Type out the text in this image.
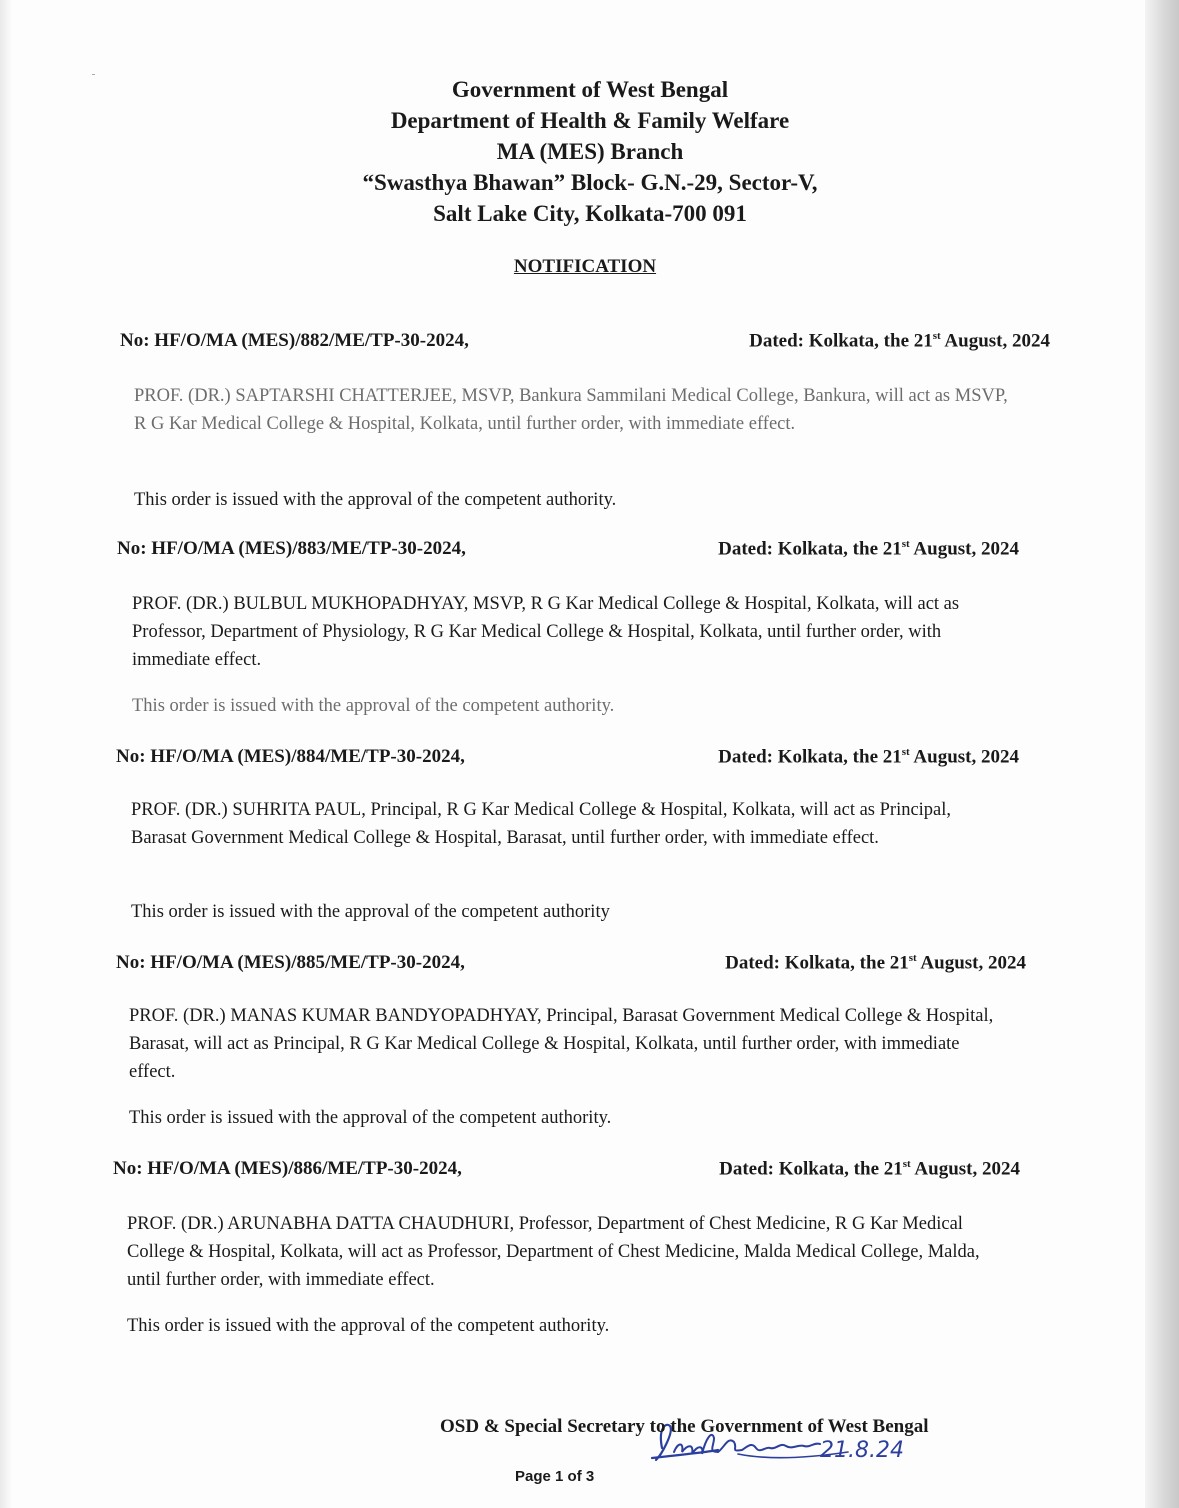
Government of West Bengal
Department of Health & Family Welfare
MA (MES) Branch
“Swasthya Bhawan” Block- G.N.-29, Sector-V,
Salt Lake City, Kolkata-700 091
NOTIFICATION
No: HF/O/MA (MES)/882/ME/TP-30-2024,	Dated: Kolkata, the 21st August, 2024
PROF. (DR.) SAPTARSHI CHATTERJEE, MSVP, Bankura Sammilani Medical College, Bankura, will act as MSVP, R G Kar Medical College & Hospital, Kolkata, until further order, with immediate effect.
This order is issued with the approval of the competent authority.
No: HF/O/MA (MES)/883/ME/TP-30-2024,	Dated: Kolkata, the 21st August, 2024
PROF. (DR.) BULBUL MUKHOPADHYAY, MSVP, R G Kar Medical College & Hospital, Kolkata, will act as Professor, Department of Physiology, R G Kar Medical College & Hospital, Kolkata, until further order, with immediate effect.
This order is issued with the approval of the competent authority.
No: HF/O/MA (MES)/884/ME/TP-30-2024,	Dated: Kolkata, the 21st August, 2024
PROF. (DR.) SUHRITA PAUL, Principal, R G Kar Medical College & Hospital, Kolkata, will act as Principal, Barasat Government Medical College & Hospital, Barasat, until further order, with immediate effect.
This order is issued with the approval of the competent authority
No: HF/O/MA (MES)/885/ME/TP-30-2024,	Dated: Kolkata, the 21st August, 2024
PROF. (DR.) MANAS KUMAR BANDYOPADHYAY, Principal, Barasat Government Medical College & Hospital, Barasat, will act as Principal, R G Kar Medical College & Hospital, Kolkata, until further order, with immediate effect.
This order is issued with the approval of the competent authority.
No: HF/O/MA (MES)/886/ME/TP-30-2024,	Dated: Kolkata, the 21st August, 2024
PROF. (DR.) ARUNABHA DATTA CHAUDHURI, Professor, Department of Chest Medicine, R G Kar Medical College & Hospital, Kolkata, will act as Professor, Department of Chest Medicine, Malda Medical College, Malda, until further order, with immediate effect.
This order is issued with the approval of the competent authority.
21.8.24
OSD & Special Secretary to the Government of West Bengal
Page 1 of 3
